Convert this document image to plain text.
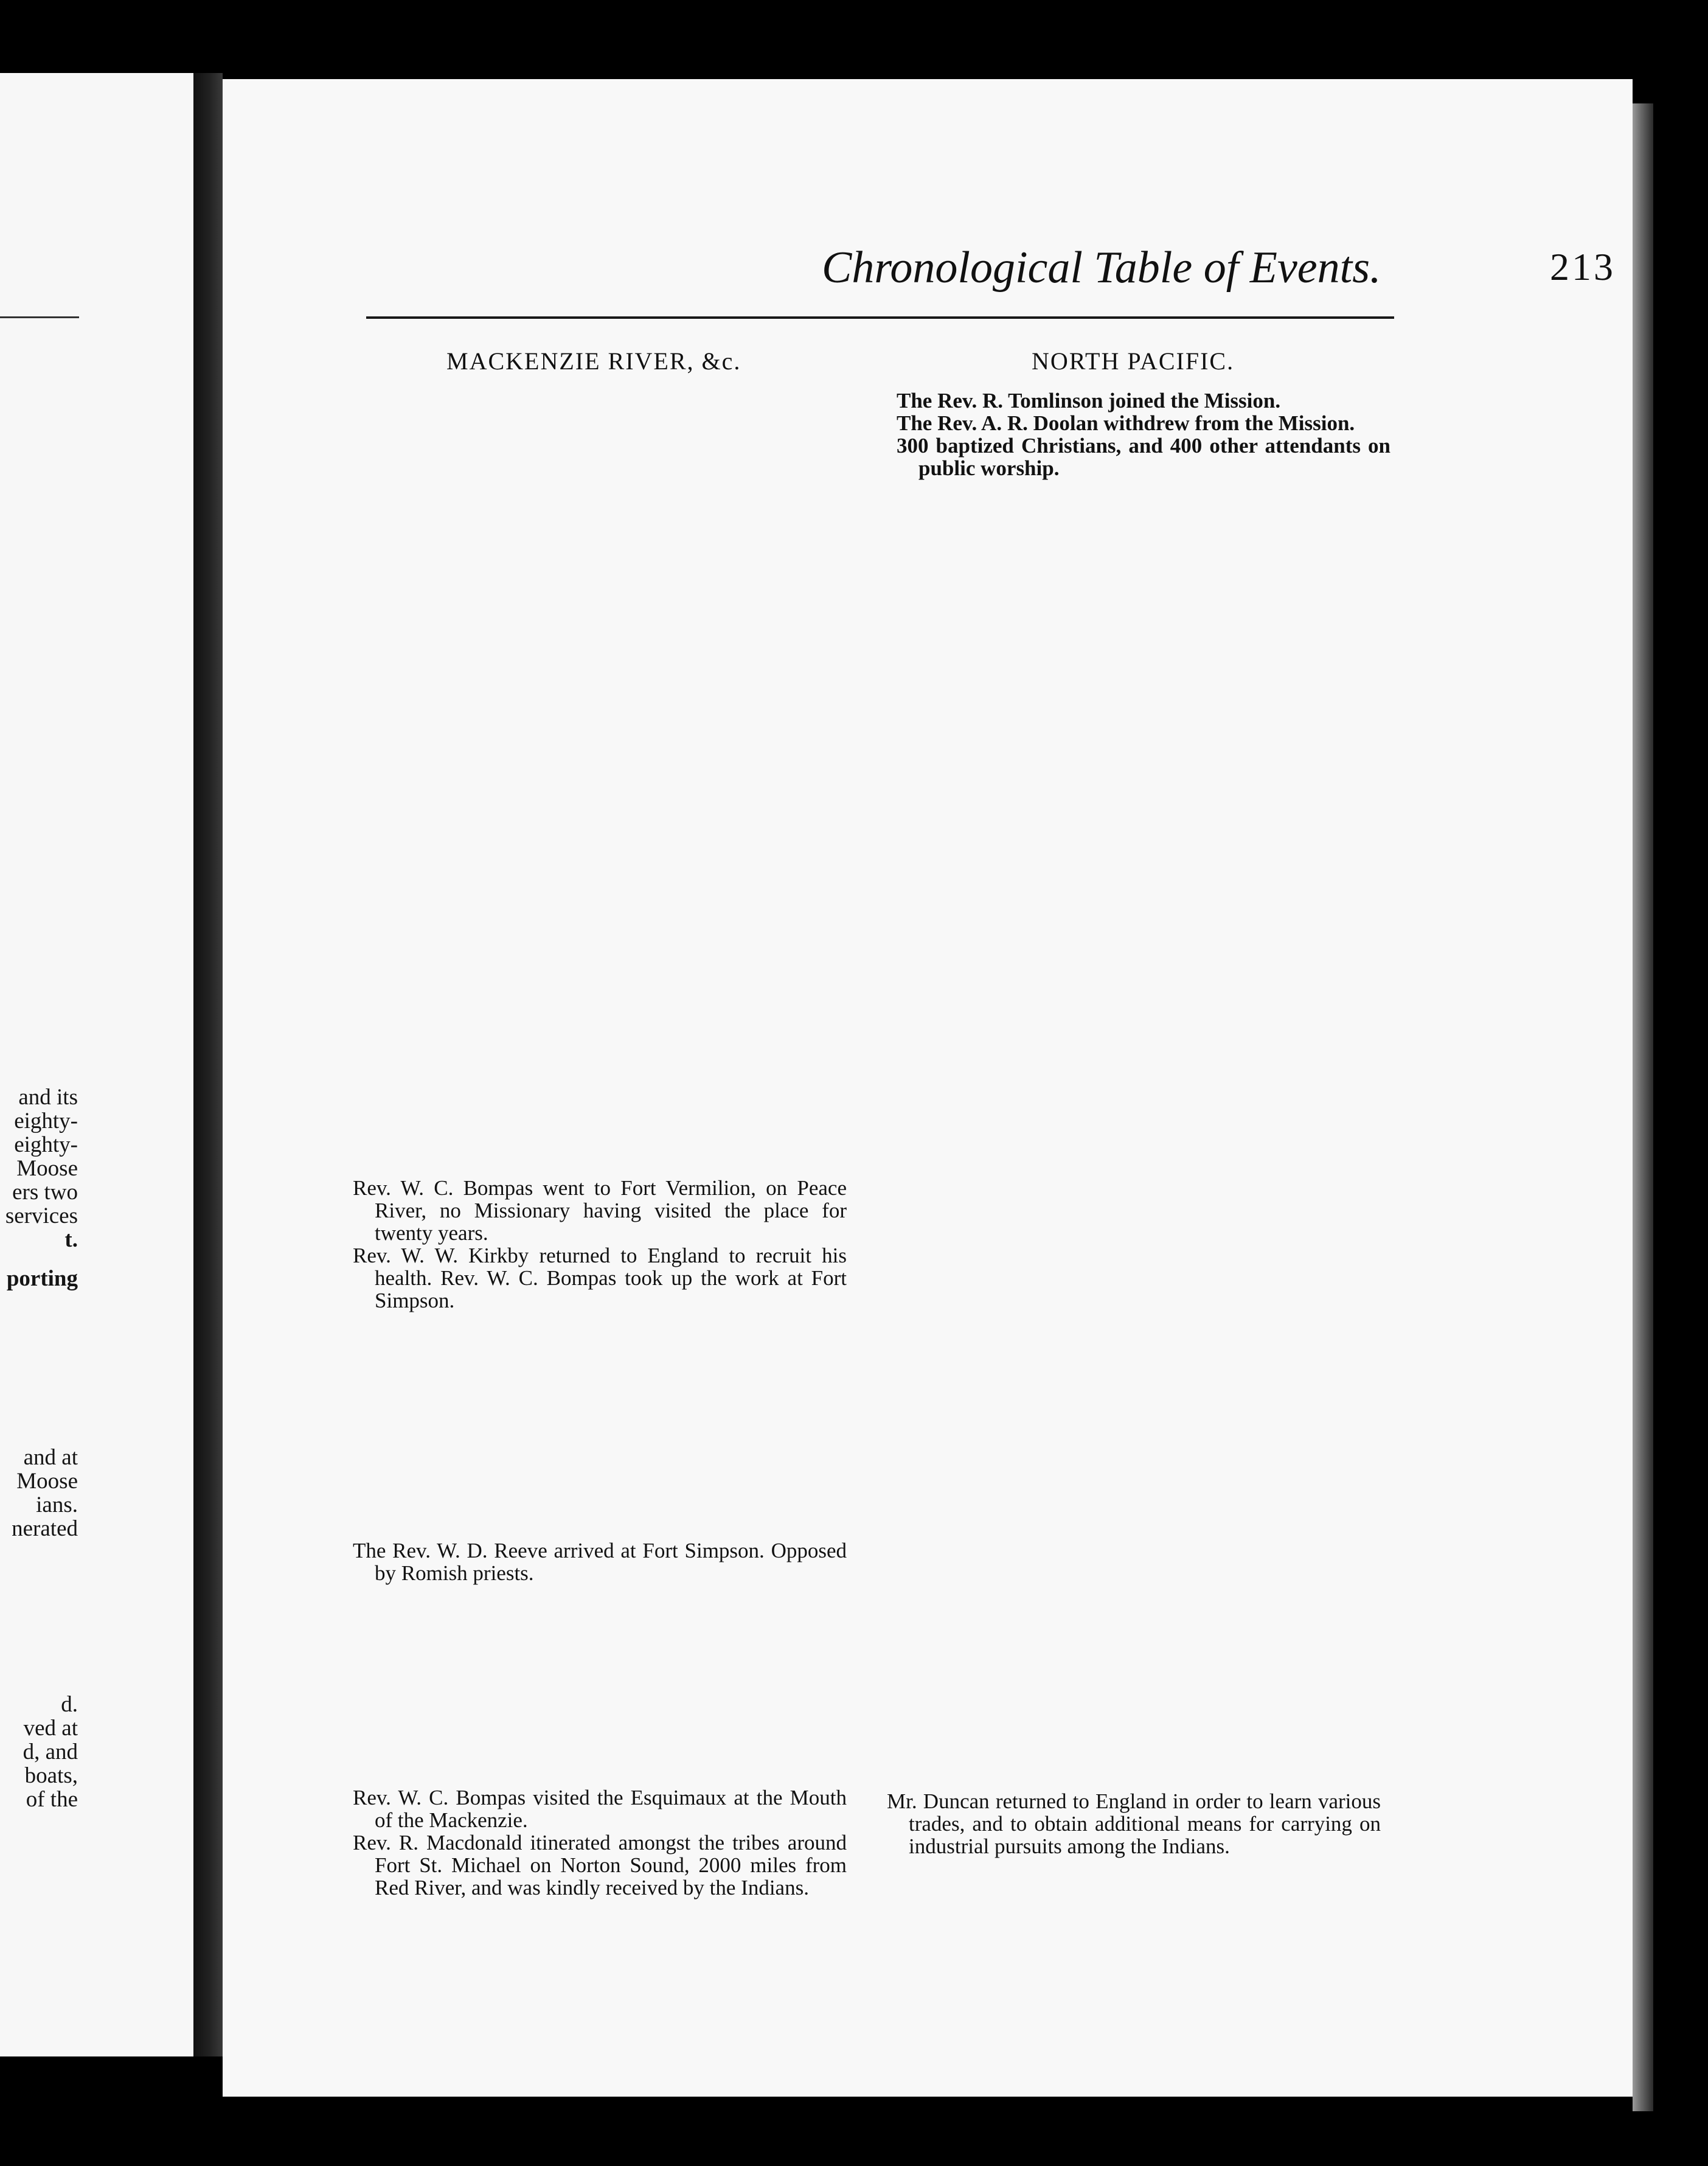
and its
eighty-
eighty-
Moose
ers two
services
t.
porting
and at
Moose
ians.
nerated
d.
ved at
d, and
boats,
of the
Chronological Table of Events.	213
MACKENZIE RIVER, &c.	NORTH PACIFIC.

The Rev. R. Tomlinson joined the Mission.

The Rev. A. R. Doolan withdrew from the Mission.

300 baptized Christians, and 400 other attendants on public worship.

Rev. W. C. Bompas went to Fort Vermilion, on Peace River, no Missionary having visited the place for twenty years.

Rev. W. W. Kirkby returned to England to recruit his health. Rev. W. C. Bompas took up the work at Fort Simpson.

The Rev. W. D. Reeve arrived at Fort Simpson. Opposed by Romish priests.

Rev. W. C. Bompas visited the Esquimaux at the Mouth of the Mackenzie.

Rev. R. Macdonald itinerated amongst the tribes around Fort St. Michael on Norton Sound, 2000 miles from Red River, and was kindly received by the Indians.

Mr. Duncan returned to England in order to learn various trades, and to obtain additional means for carrying on industrial pursuits among the Indians.
